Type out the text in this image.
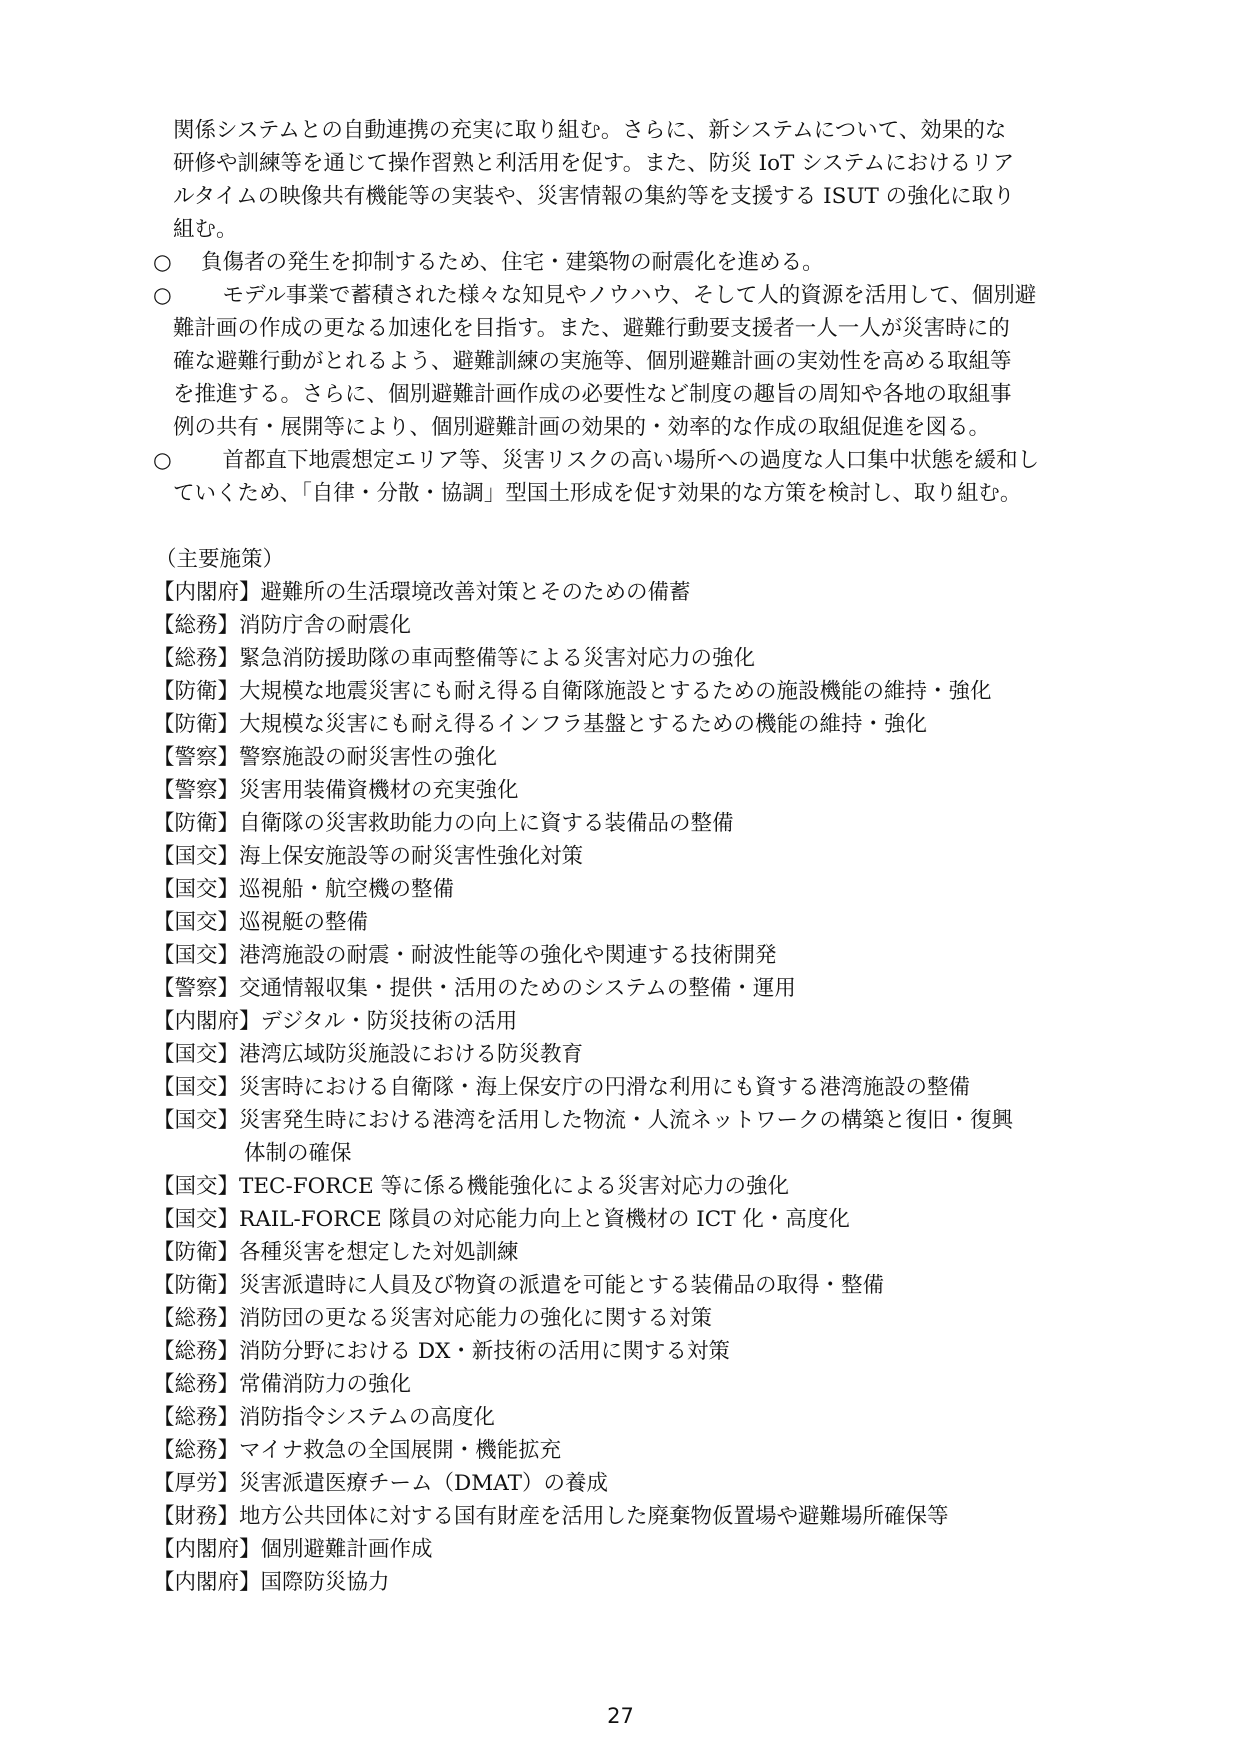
関係システムとの自動連携の充実に取り組む。さらに、新システムについて、効果的な
研修や訓練等を通じて操作習熟と利活用を促す。また、防災 IoT システムにおけるリア
ルタイムの映像共有機能等の実装や、災害情報の集約等を支援する ISUT の強化に取り
組む。
○ 負傷者の発生を抑制するため、住宅・建築物の耐震化を進める。
○　モデル事業で蓄積された様々な知見やノウハウ、そして人的資源を活用して、個別避
難計画の作成の更なる加速化を目指す。また、避難行動要支援者一人一人が災害時に的
確な避難行動がとれるよう、避難訓練の実施等、個別避難計画の実効性を高める取組等
を推進する。さらに、個別避難計画作成の必要性など制度の趣旨の周知や各地の取組事
例の共有・展開等により、個別避難計画の効果的・効率的な作成の取組促進を図る。
○　首都直下地震想定エリア等、災害リスクの高い場所への過度な人口集中状態を緩和し
ていくため、「自律・分散・協調」型国土形成を促す効果的な方策を検討し、取り組む。
（主要施策）
【内閣府】避難所の生活環境改善対策とそのための備蓄
【総務】消防庁舎の耐震化
【総務】緊急消防援助隊の車両整備等による災害対応力の強化
【防衛】大規模な地震災害にも耐え得る自衛隊施設とするための施設機能の維持・強化
【防衛】大規模な災害にも耐え得るインフラ基盤とするための機能の維持・強化
【警察】警察施設の耐災害性の強化
【警察】災害用装備資機材の充実強化
【防衛】自衛隊の災害救助能力の向上に資する装備品の整備
【国交】海上保安施設等の耐災害性強化対策
【国交】巡視船・航空機の整備
【国交】巡視艇の整備
【国交】港湾施設の耐震・耐波性能等の強化や関連する技術開発
【警察】交通情報収集・提供・活用のためのシステムの整備・運用
【内閣府】デジタル・防災技術の活用
【国交】港湾広域防災施設における防災教育
【国交】災害時における自衛隊・海上保安庁の円滑な利用にも資する港湾施設の整備
【国交】災害発生時における港湾を活用した物流・人流ネットワークの構築と復旧・復興
体制の確保
【国交】TEC-FORCE 等に係る機能強化による災害対応力の強化
【国交】RAIL-FORCE 隊員の対応能力向上と資機材の ICT 化・高度化
【防衛】各種災害を想定した対処訓練
【防衛】災害派遣時に人員及び物資の派遣を可能とする装備品の取得・整備
【総務】消防団の更なる災害対応能力の強化に関する対策
【総務】消防分野における DX・新技術の活用に関する対策
【総務】常備消防力の強化
【総務】消防指令システムの高度化
【総務】マイナ救急の全国展開・機能拡充
【厚労】災害派遣医療チーム（DMAT）の養成
【財務】地方公共団体に対する国有財産を活用した廃棄物仮置場や避難場所確保等
【内閣府】個別避難計画作成
【内閣府】国際防災協力
27
